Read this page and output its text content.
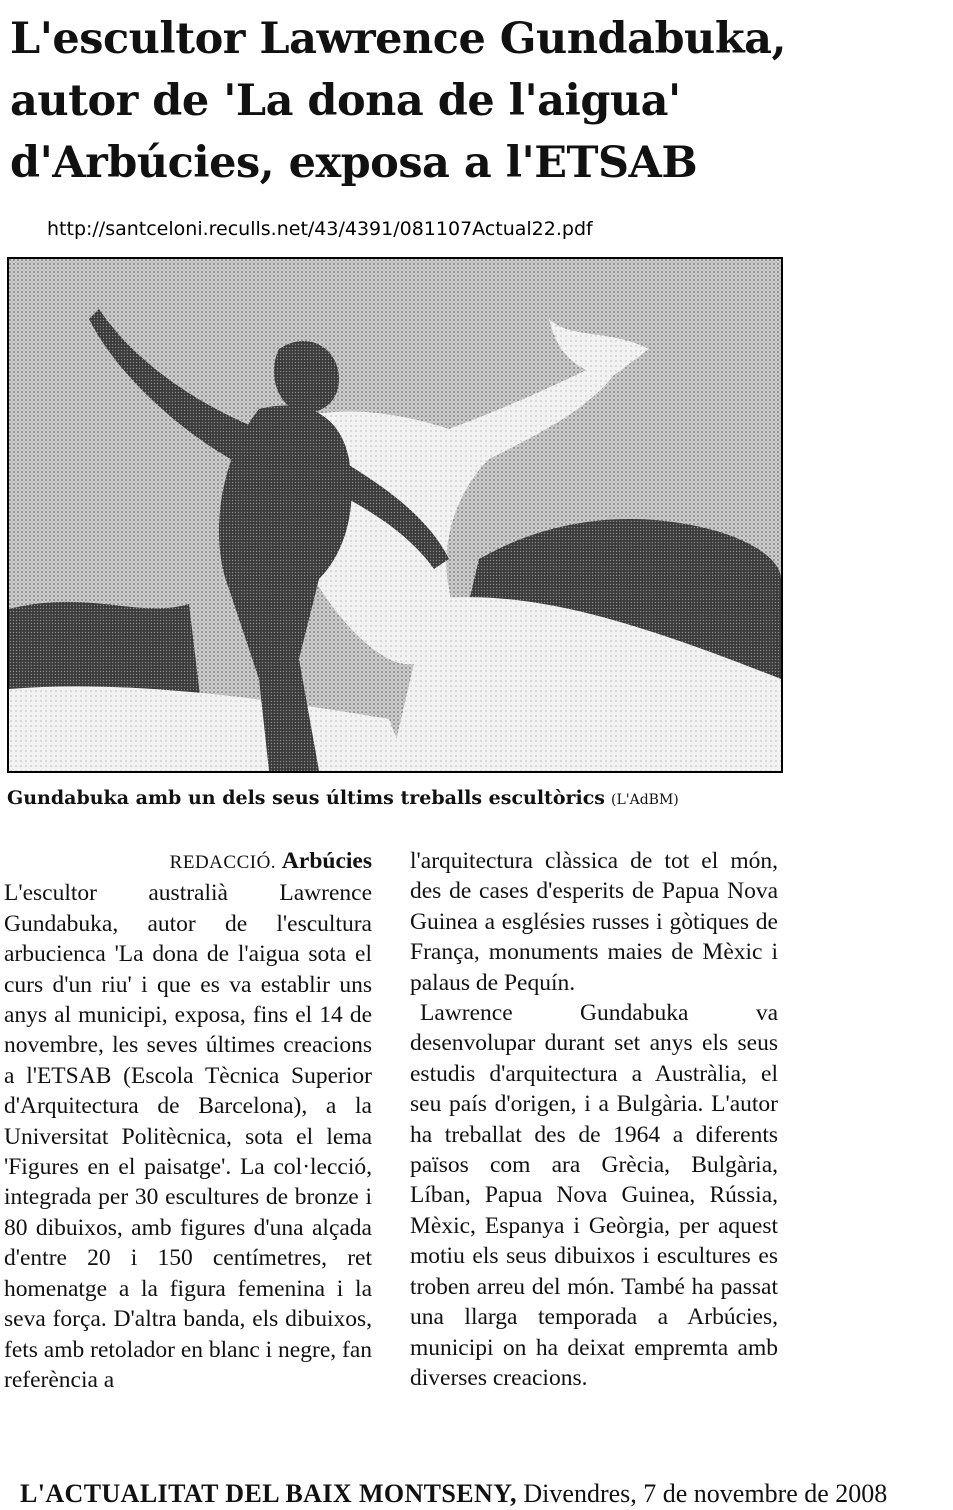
L'escultor Lawrence Gundabuka,
autor de 'La dona de l'aigua'
d'Arbúcies, exposa a l'ETSAB
http://santceloni.reculls.net/43/4391/081107Actual22.pdf
Gundabuka amb un dels seus últims treballs escultòrics (L'AdBM)

REDACCIÓ. Arbúcies

L'escultor australià Lawrence Gundabuka, autor de l'escultura arbucienca 'La dona de l'aigua sota el curs d'un riu' i que es va establir uns anys al municipi, exposa, fins el 14 de novembre, les seves últimes creacions a l'ETSAB (Escola Tècnica Superior d'Arquitectura de Barcelona), a la Universitat Politècnica, sota el lema 'Figures en el paisatge'. La col·lecció, integrada per 30 escultures de bronze i 80 dibuixos, amb figures d'una alçada d'entre 20 i 150 centímetres, ret homenatge a la figura femenina i la seva força. D'altra banda, els dibuixos, fets amb retolador en blanc i negre, fan referència a

l'arquitectura clàssica de tot el món, des de cases d'esperits de Papua Nova Guinea a esglésies russes i gòtiques de França, monuments maies de Mèxic i palaus de Pequín.

Lawrence Gundabuka va desenvolupar durant set anys els seus estudis d'arquitectura a Austràlia, el seu país d'origen, i a Bulgària. L'autor ha treballat des de 1964 a diferents països com ara Grècia, Bulgària, Líban, Papua Nova Guinea, Rússia, Mèxic, Espanya i Geòrgia, per aquest motiu els seus dibuixos i escultures es troben arreu del món. També ha passat una llarga temporada a Arbúcies, municipi on ha deixat empremta amb diverses creacions.

L'ACTUALITAT DEL BAIX MONTSENY, Divendres, 7 de novembre de 2008
